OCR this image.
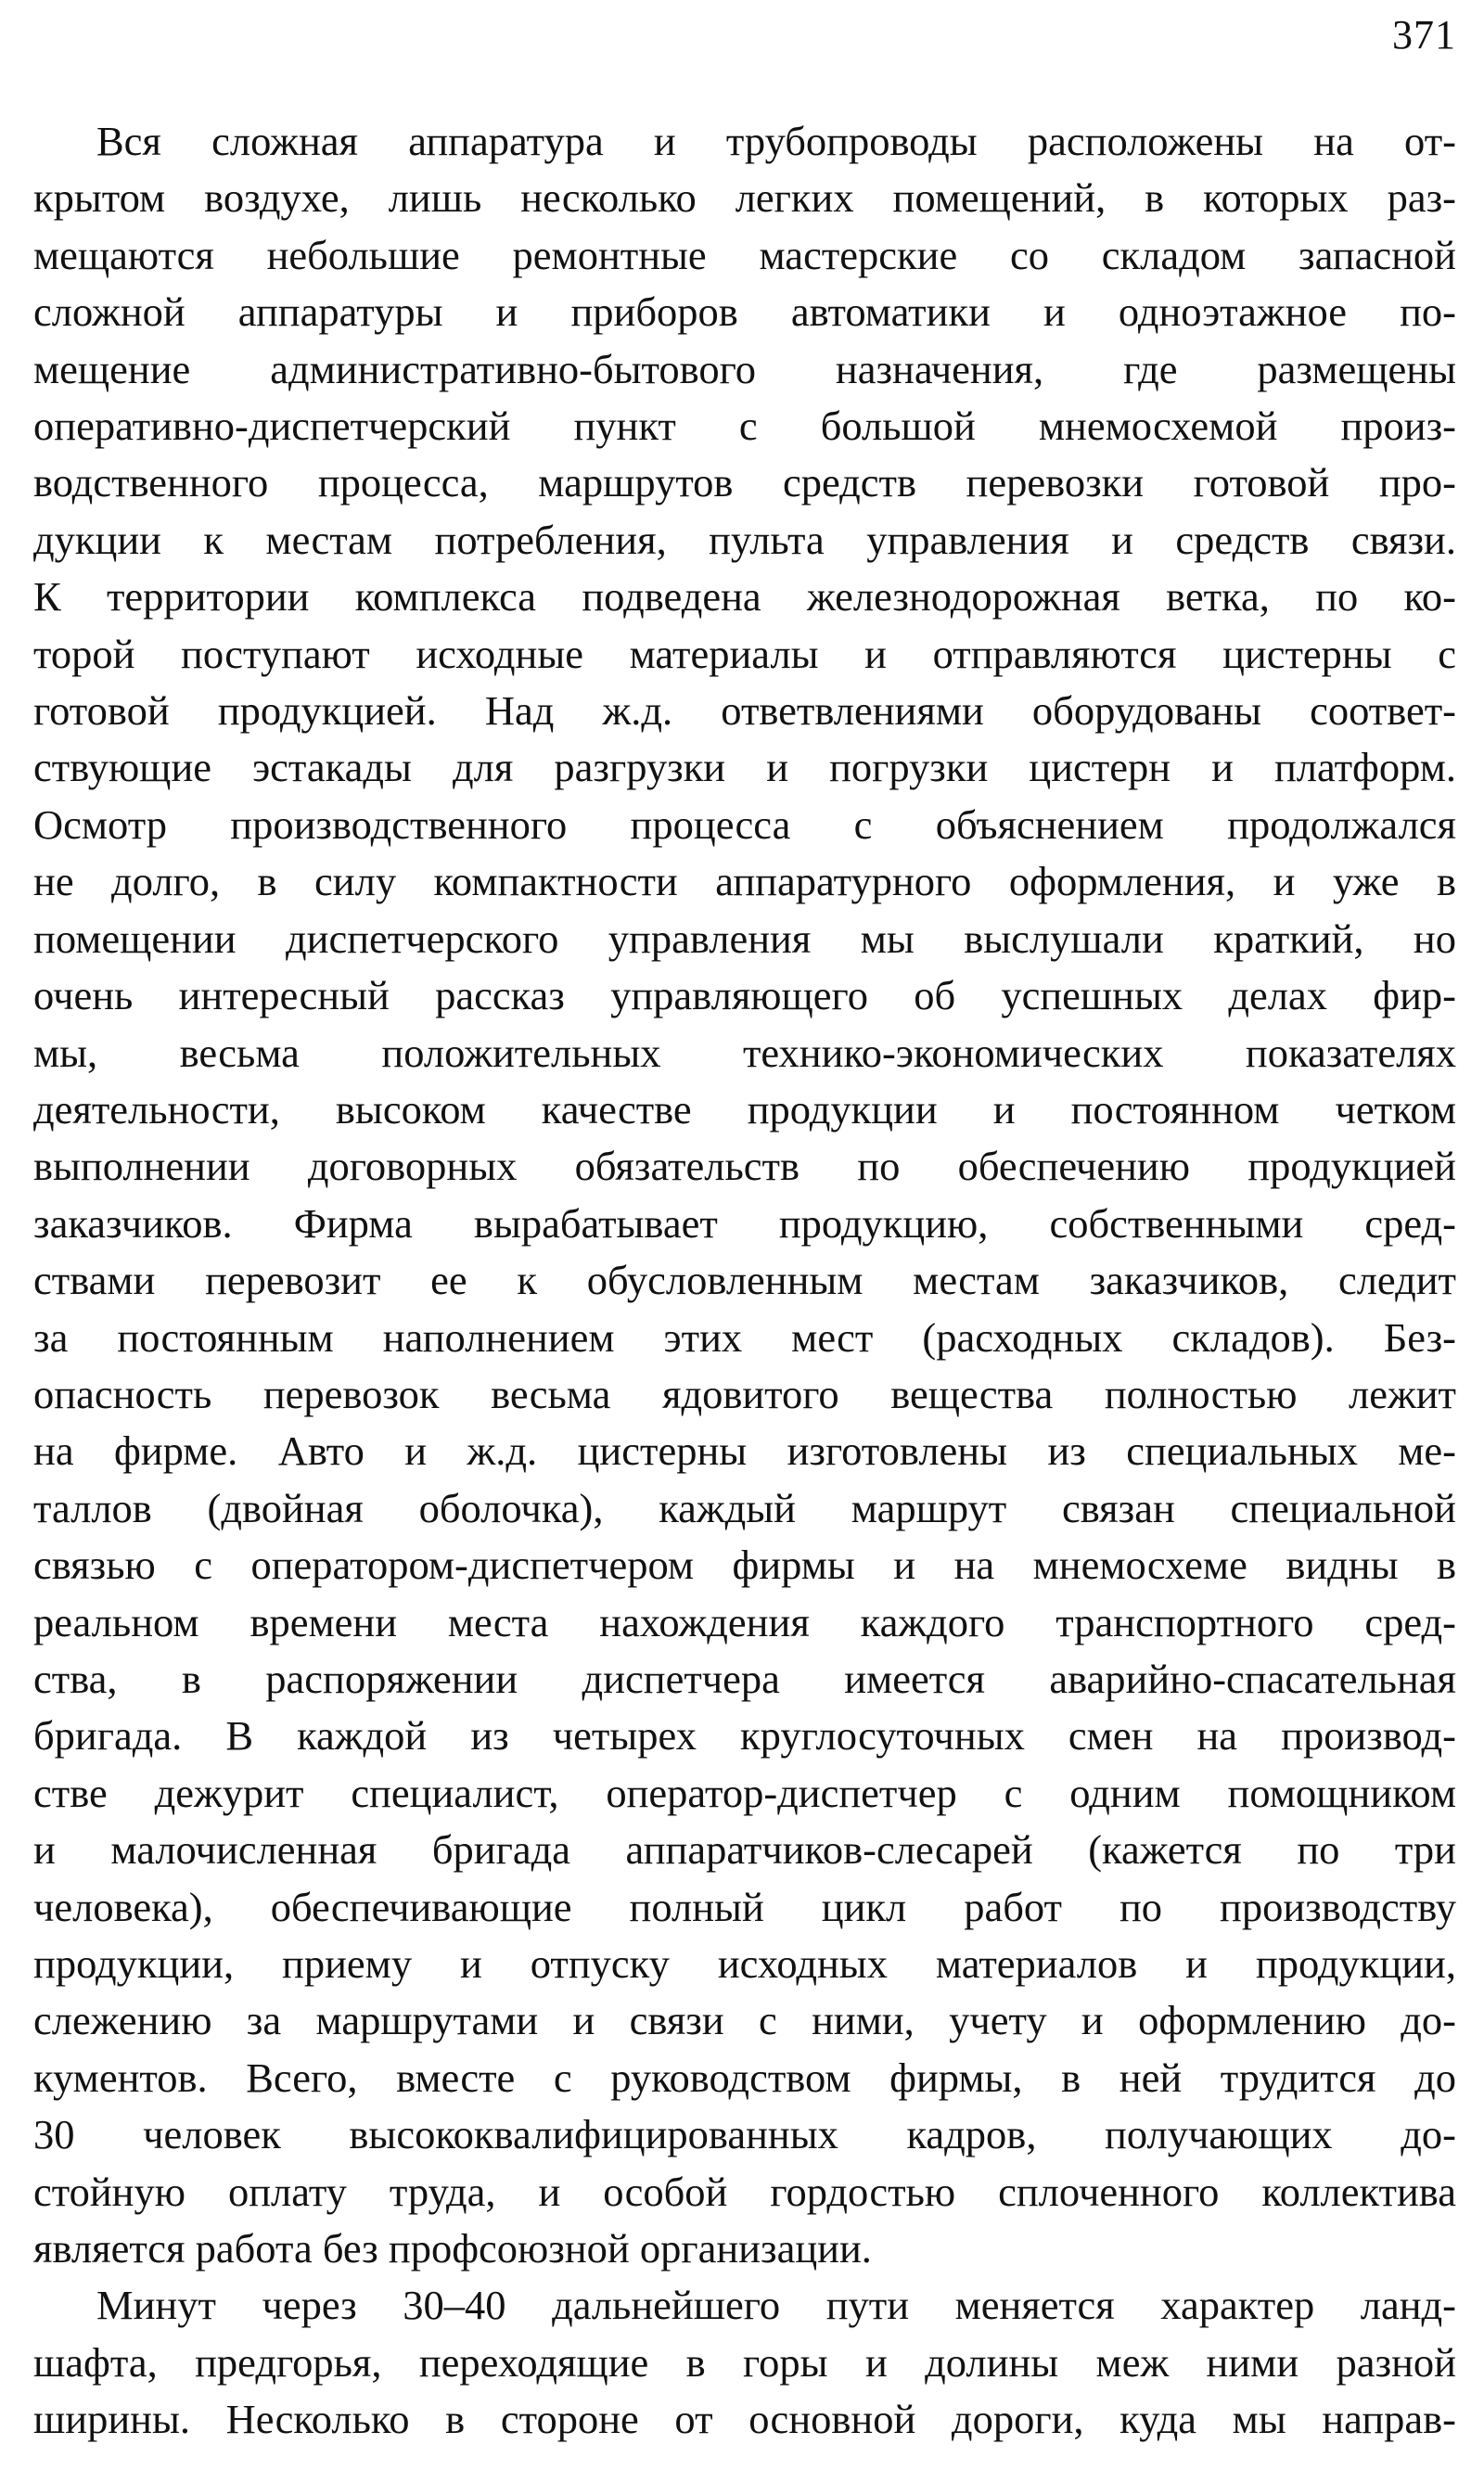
371

Вся сложная аппаратура и трубопроводы расположены на от-
крытом воздухе, лишь несколько легких помещений, в которых раз-
мещаются небольшие ремонтные мастерские со складом запасной
сложной аппаратуры и приборов автоматики и одноэтажное по-
мещение административно-бытового назначения, где размещены
оперативно-диспетчерский пункт с большой мнемосхемой произ-
водственного процесса, маршрутов средств перевозки готовой про-
дукции к местам потребления, пульта управления и средств связи.
К территории комплекса подведена железнодорожная ветка, по ко-
торой поступают исходные материалы и отправляются цистерны с
готовой продукцией. Над ж.д. ответвлениями оборудованы соответ-
ствующие эстакады для разгрузки и погрузки цистерн и платформ.
Осмотр производственного процесса с объяснением продолжался
не долго, в силу компактности аппаратурного оформления, и уже в
помещении диспетчерского управления мы выслушали краткий, но
очень интересный рассказ управляющего об успешных делах фир-
мы, весьма положительных технико-экономических показателях
деятельности, высоком качестве продукции и постоянном четком
выполнении договорных обязательств по обеспечению продукцией
заказчиков. Фирма вырабатывает продукцию, собственными сред-
ствами перевозит ее к обусловленным местам заказчиков, следит
за постоянным наполнением этих мест (расходных складов). Без-
опасность перевозок весьма ядовитого вещества полностью лежит
на фирме. Авто и ж.д. цистерны изготовлены из специальных ме-
таллов (двойная оболочка), каждый маршрут связан специальной
связью с оператором-диспетчером фирмы и на мнемосхеме видны в
реальном времени места нахождения каждого транспортного сред-
ства, в распоряжении диспетчера имеется аварийно-спасательная
бригада. В каждой из четырех круглосуточных смен на производ-
стве дежурит специалист, оператор-диспетчер с одним помощником
и малочисленная бригада аппаратчиков-слесарей (кажется по три
человека), обеспечивающие полный цикл работ по производству
продукции, приему и отпуску исходных материалов и продукции,
слежению за маршрутами и связи с ними, учету и оформлению до-
кументов. Всего, вместе с руководством фирмы, в ней трудится до
30 человек высококвалифицированных кадров, получающих до-
стойную оплату труда, и особой гордостью сплоченного коллектива
является работа без профсоюзной организации.

Минут через 30–40 дальнейшего пути меняется характер ланд-
шафта, предгорья, переходящие в горы и долины меж ними разной
ширины. Несколько в стороне от основной дороги, куда мы направ-
